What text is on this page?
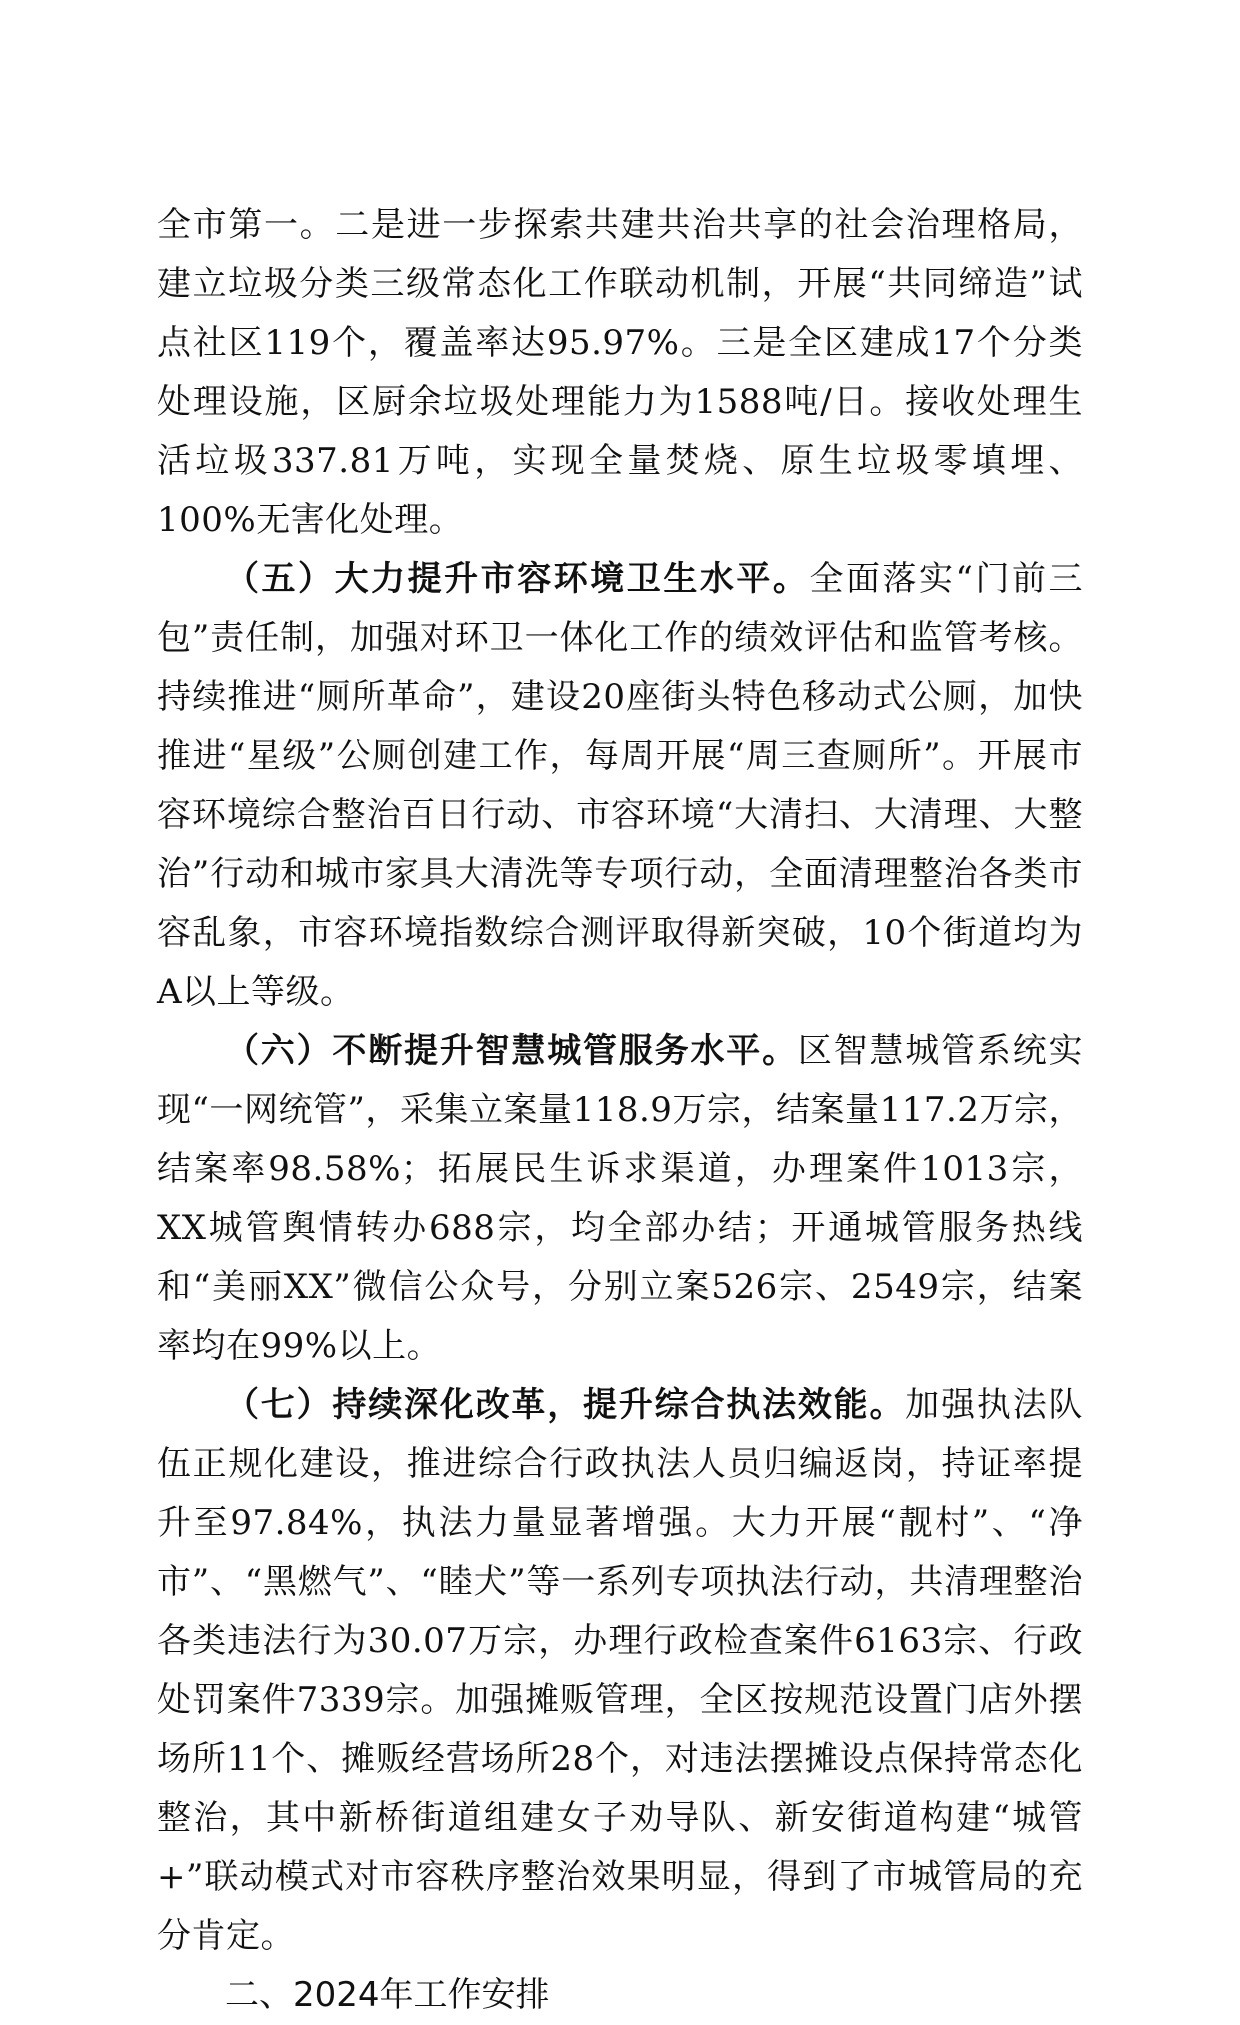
全市第一。二是进一步探索共建共治共享的社会治理格局，建立垃圾分类三级常态化工作联动机制，开展“共同缔造”试点社区119个，覆盖率达95.97%。三是全区建成17个分类处理设施，区厨余垃圾处理能力为1588吨/日。接收处理生活垃圾337.81万吨，实现全量焚烧、原生垃圾零填埋、100%无害化处理。

（五）大力提升市容环境卫生水平。全面落实“门前三包”责任制，加强对环卫一体化工作的绩效评估和监管考核。持续推进“厕所革命”，建设20座街头特色移动式公厕，加快推进“星级”公厕创建工作，每周开展“周三查厕所”。开展市容环境综合整治百日行动、市容环境“大清扫、大清理、大整治”行动和城市家具大清洗等专项行动，全面清理整治各类市容乱象，市容环境指数综合测评取得新突破，10个街道均为A以上等级。

（六）不断提升智慧城管服务水平。区智慧城管系统实现“一网统管”，采集立案量118.9万宗，结案量117.2万宗，结案率98.58%；拓展民生诉求渠道，办理案件1013宗，XX城管舆情转办688宗，均全部办结；开通城管服务热线和“美丽XX”微信公众号，分别立案526宗、2549宗，结案率均在99%以上。

（七）持续深化改革，提升综合执法效能。加强执法队伍正规化建设，推进综合行政执法人员归编返岗，持证率提升至97.84%，执法力量显著增强。大力开展“靓村”、“净市”、“黑燃气”、“睦犬”等一系列专项执法行动，共清理整治各类违法行为30.07万宗，办理行政检查案件6163宗、行政处罚案件7339宗。加强摊贩管理，全区按规范设置门店外摆场所11个、摊贩经营场所28个，对违法摆摊设点保持常态化整治，其中新桥街道组建女子劝导队、新安街道构建“城管+”联动模式对市容秩序整治效果明显，得到了市城管局的充分肯定。

二、2024年工作安排
